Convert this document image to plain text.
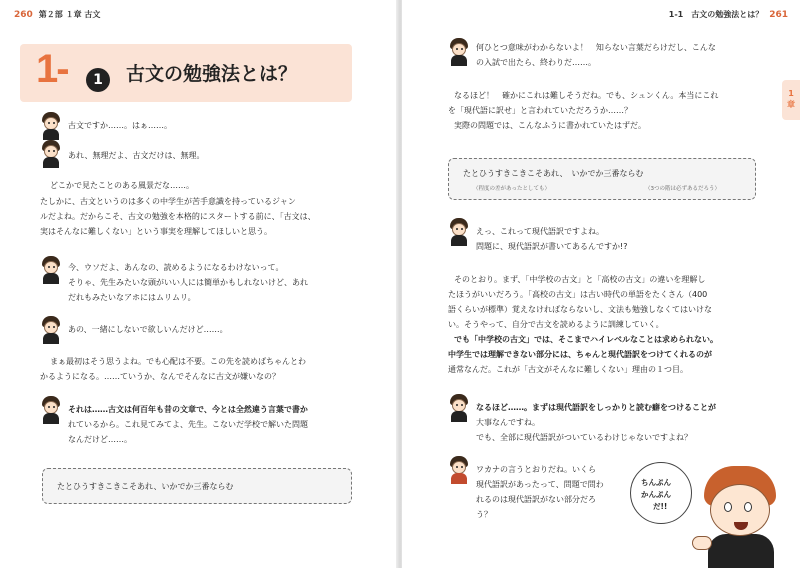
260 第２部 １章 古文
1-	1	古文の勉強法とは？
古文ですか……。はぁ……。
あれ、無理だよ、古文だけは、無理。
どこかで見たことのある風景だな……。
たしかに、古文というのは多くの中学生が苦手意識を持っているジャン
ルだよね。だからこそ、古文の勉強を本格的にスタートする前に、「古文は、
実はそんなに難しくない」という事実を理解してほしいと思う。
今、ウソだよ、あんなの、読めるようになるわけないって。
そりゃ、先生みたいな頭がいい人には簡単かもしれないけど、あれ
だれもみたいなアホにはムリムリ。
あの、一緒にしないで欲しいんだけど……。
まぁ最初はそう思うよね。でも心配は不要。この先を読めばちゃんとわ
かるようになる。……ていうか、なんでそんなに古文が嫌いなの？
それは……古文は何百年も昔の文章で、今とは全然違う言葉で書か
れているから。これ見てみてよ、先生。こないだ学校で解いた問題
なんだけど……。
たとひうすきこきこそあれ、いかでか三番ならむ
1-1　古文の勉強法とは？ 261
1章
何ひとつ意味がわからないよ！　知らない言葉だらけだし、こんな
の入試で出たら、終わりだ……。
なるほど！　確かにこれは難しそうだね。でも、シュンくん。本当にこれ
を「現代語に訳せ」と言われていただろうか……？
実際の問題では、こんなふうに書かれていたはずだ。
たとひうすきこきこそあれ、　いかでか三番ならむ
（程度の差があったとしても）	（3つの階は必ずあるだろう）
えっ、これって現代語訳ですよね。
問題に、現代語訳が書いてあるんですか!?
そのとおり。まず、「中学校の古文」と「高校の古文」の違いを理解し
たほうがいいだろう。「高校の古文」は古い時代の単語をたくさん（400
語くらいが標準）覚えなければならないし、文法も勉強しなくてはいけな
い。そうやって、自分で古文を読めるように訓練していく。
でも「中学校の古文」では、そこまでハイレベルなことは求められない。
中学生では理解できない部分には、ちゃんと現代語訳をつけてくれるのが
通常なんだ。これが「古文がそんなに難しくない」理由の１つ目。
なるほど……。まずは現代語訳をしっかりと読む癖をつけることが
大事なんですね。
でも、全部に現代語訳がついているわけじゃないですよね？
ワカナの言うとおりだね。いくら
現代語訳があったって、問題で問わ
れるのは現代語訳がない部分だろ
う？
ちんぷん
かんぷん
だ!!
